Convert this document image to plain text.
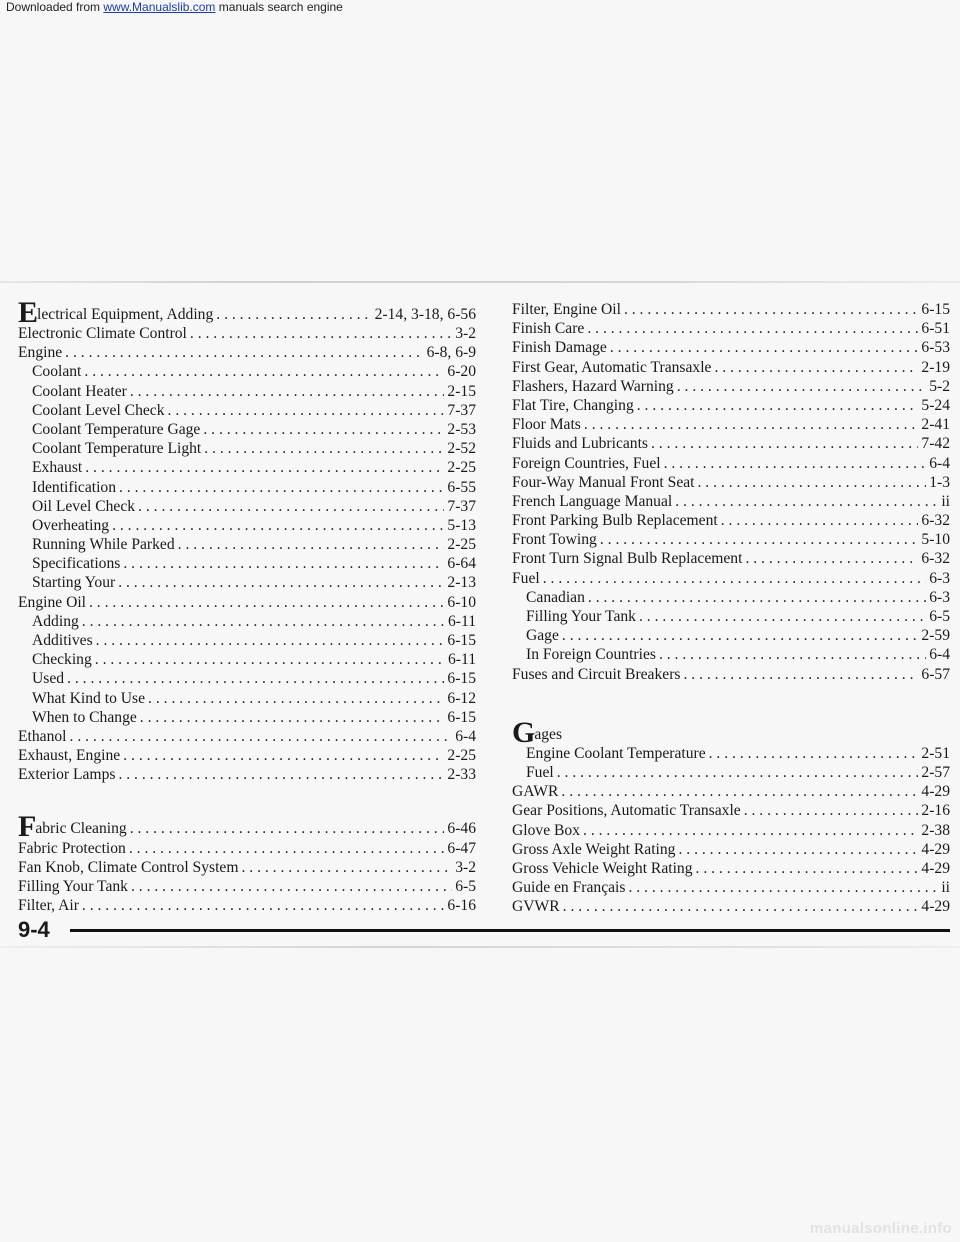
Downloaded from www.Manualslib.com manuals search engine
Electrical Equipment, Adding . . .	2-14, 3-18, 6-56
Electronic Climate Control . . .	3-2
Engine . . .	6-8, 6-9
Coolant . . .	6-20
Coolant Heater . . .	2-15
Coolant Level Check . . .	7-37
Coolant Temperature Gage . . .	2-53
Coolant Temperature Light . . .	2-52
Exhaust . . .	2-25
Identification . . .	6-55
Oil Level Check . . .	7-37
Overheating . . .	5-13
Running While Parked . . .	2-25
Specifications . . .	6-64
Starting Your . . .	2-13
Engine Oil . . .	6-10
Adding . . .	6-11
Additives . . .	6-15
Checking . . .	6-11
Used . . .	6-15
What Kind to Use . . .	6-12
When to Change . . .	6-15
Ethanol . . .	6-4
Exhaust, Engine . . .	2-25
Exterior Lamps . . .	2-33
Fabric Cleaning . . .	6-46
Fabric Protection . . .	6-47
Fan Knob, Climate Control System . . .	3-2
Filling Your Tank . . .	6-5
Filter, Air . . .	6-16
Filter, Engine Oil . . .	6-15
Finish Care . . .	6-51
Finish Damage . . .	6-53
First Gear, Automatic Transaxle . . .	2-19
Flashers, Hazard Warning . . .	5-2
Flat Tire, Changing . . .	5-24
Floor Mats . . .	2-41
Fluids and Lubricants . . .	7-42
Foreign Countries, Fuel . . .	6-4
Four-Way Manual Front Seat . . .	1-3
French Language Manual . . .	ii
Front Parking Bulb Replacement . . .	6-32
Front Towing . . .	5-10
Front Turn Signal Bulb Replacement . . .	6-32
Fuel . . .	6-3
Canadian . . .	6-3
Filling Your Tank . . .	6-5
Gage . . .	2-59
In Foreign Countries . . .	6-4
Fuses and Circuit Breakers . . .	6-57
Gages
Engine Coolant Temperature . . .	2-51
Fuel . . .	2-57
GAWR . . .	4-29
Gear Positions, Automatic Transaxle . . .	2-16
Glove Box . . .	2-38
Gross Axle Weight Rating . . .	4-29
Gross Vehicle Weight Rating . . .	4-29
Guide en Français . . .	ii
GVWR . . .	4-29
9-4
manualsonline.info
